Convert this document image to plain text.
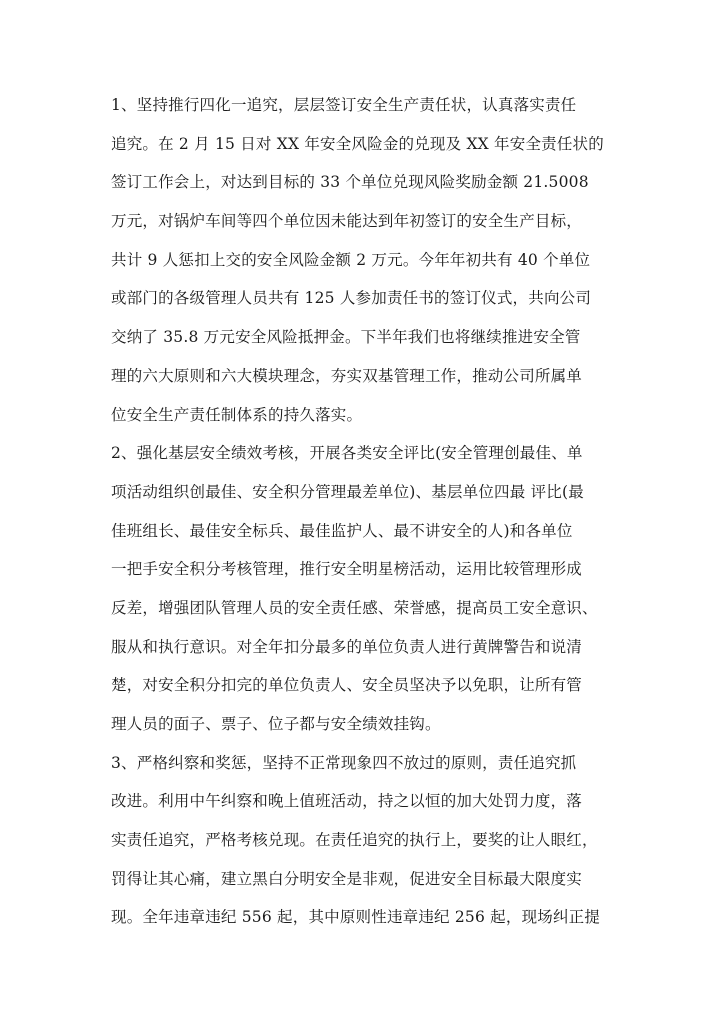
1、坚持推行四化一追究，层层签订安全生产责任状，认真落实责任
追究。在 2 月 15 日对 XX 年安全风险金的兑现及 XX 年安全责任状的
签订工作会上，对达到目标的 33 个单位兑现风险奖励金额 21.5008
万元，对锅炉车间等四个单位因未能达到年初签订的安全生产目标，
共计 9 人惩扣上交的安全风险金额 2 万元。今年年初共有 40 个单位
或部门的各级管理人员共有 125 人参加责任书的签订仪式，共向公司
交纳了 35.8 万元安全风险抵押金。下半年我们也将继续推进安全管
理的六大原则和六大模块理念，夯实双基管理工作，推动公司所属单
位安全生产责任制体系的持久落实。
2、强化基层安全绩效考核，开展各类安全评比(安全管理创最佳、单
项活动组织创最佳、安全积分管理最差单位)、基层单位四最 评比(最
佳班组长、最佳安全标兵、最佳监护人、最不讲安全的人)和各单位
一把手安全积分考核管理，推行安全明星榜活动，运用比较管理形成
反差，增强团队管理人员的安全责任感、荣誉感，提高员工安全意识、
服从和执行意识。对全年扣分最多的单位负责人进行黄牌警告和说清
楚，对安全积分扣完的单位负责人、安全员坚决予以免职，让所有管
理人员的面子、票子、位子都与安全绩效挂钩。
3、严格纠察和奖惩，坚持不正常现象四不放过的原则，责任追究抓
改进。利用中午纠察和晚上值班活动，持之以恒的加大处罚力度，落
实责任追究，严格考核兑现。在责任追究的执行上，要奖的让人眼红，
罚得让其心痛，建立黑白分明安全是非观，促进安全目标最大限度实
现。全年违章违纪 556 起，其中原则性违章违纪 256 起，现场纠正提
